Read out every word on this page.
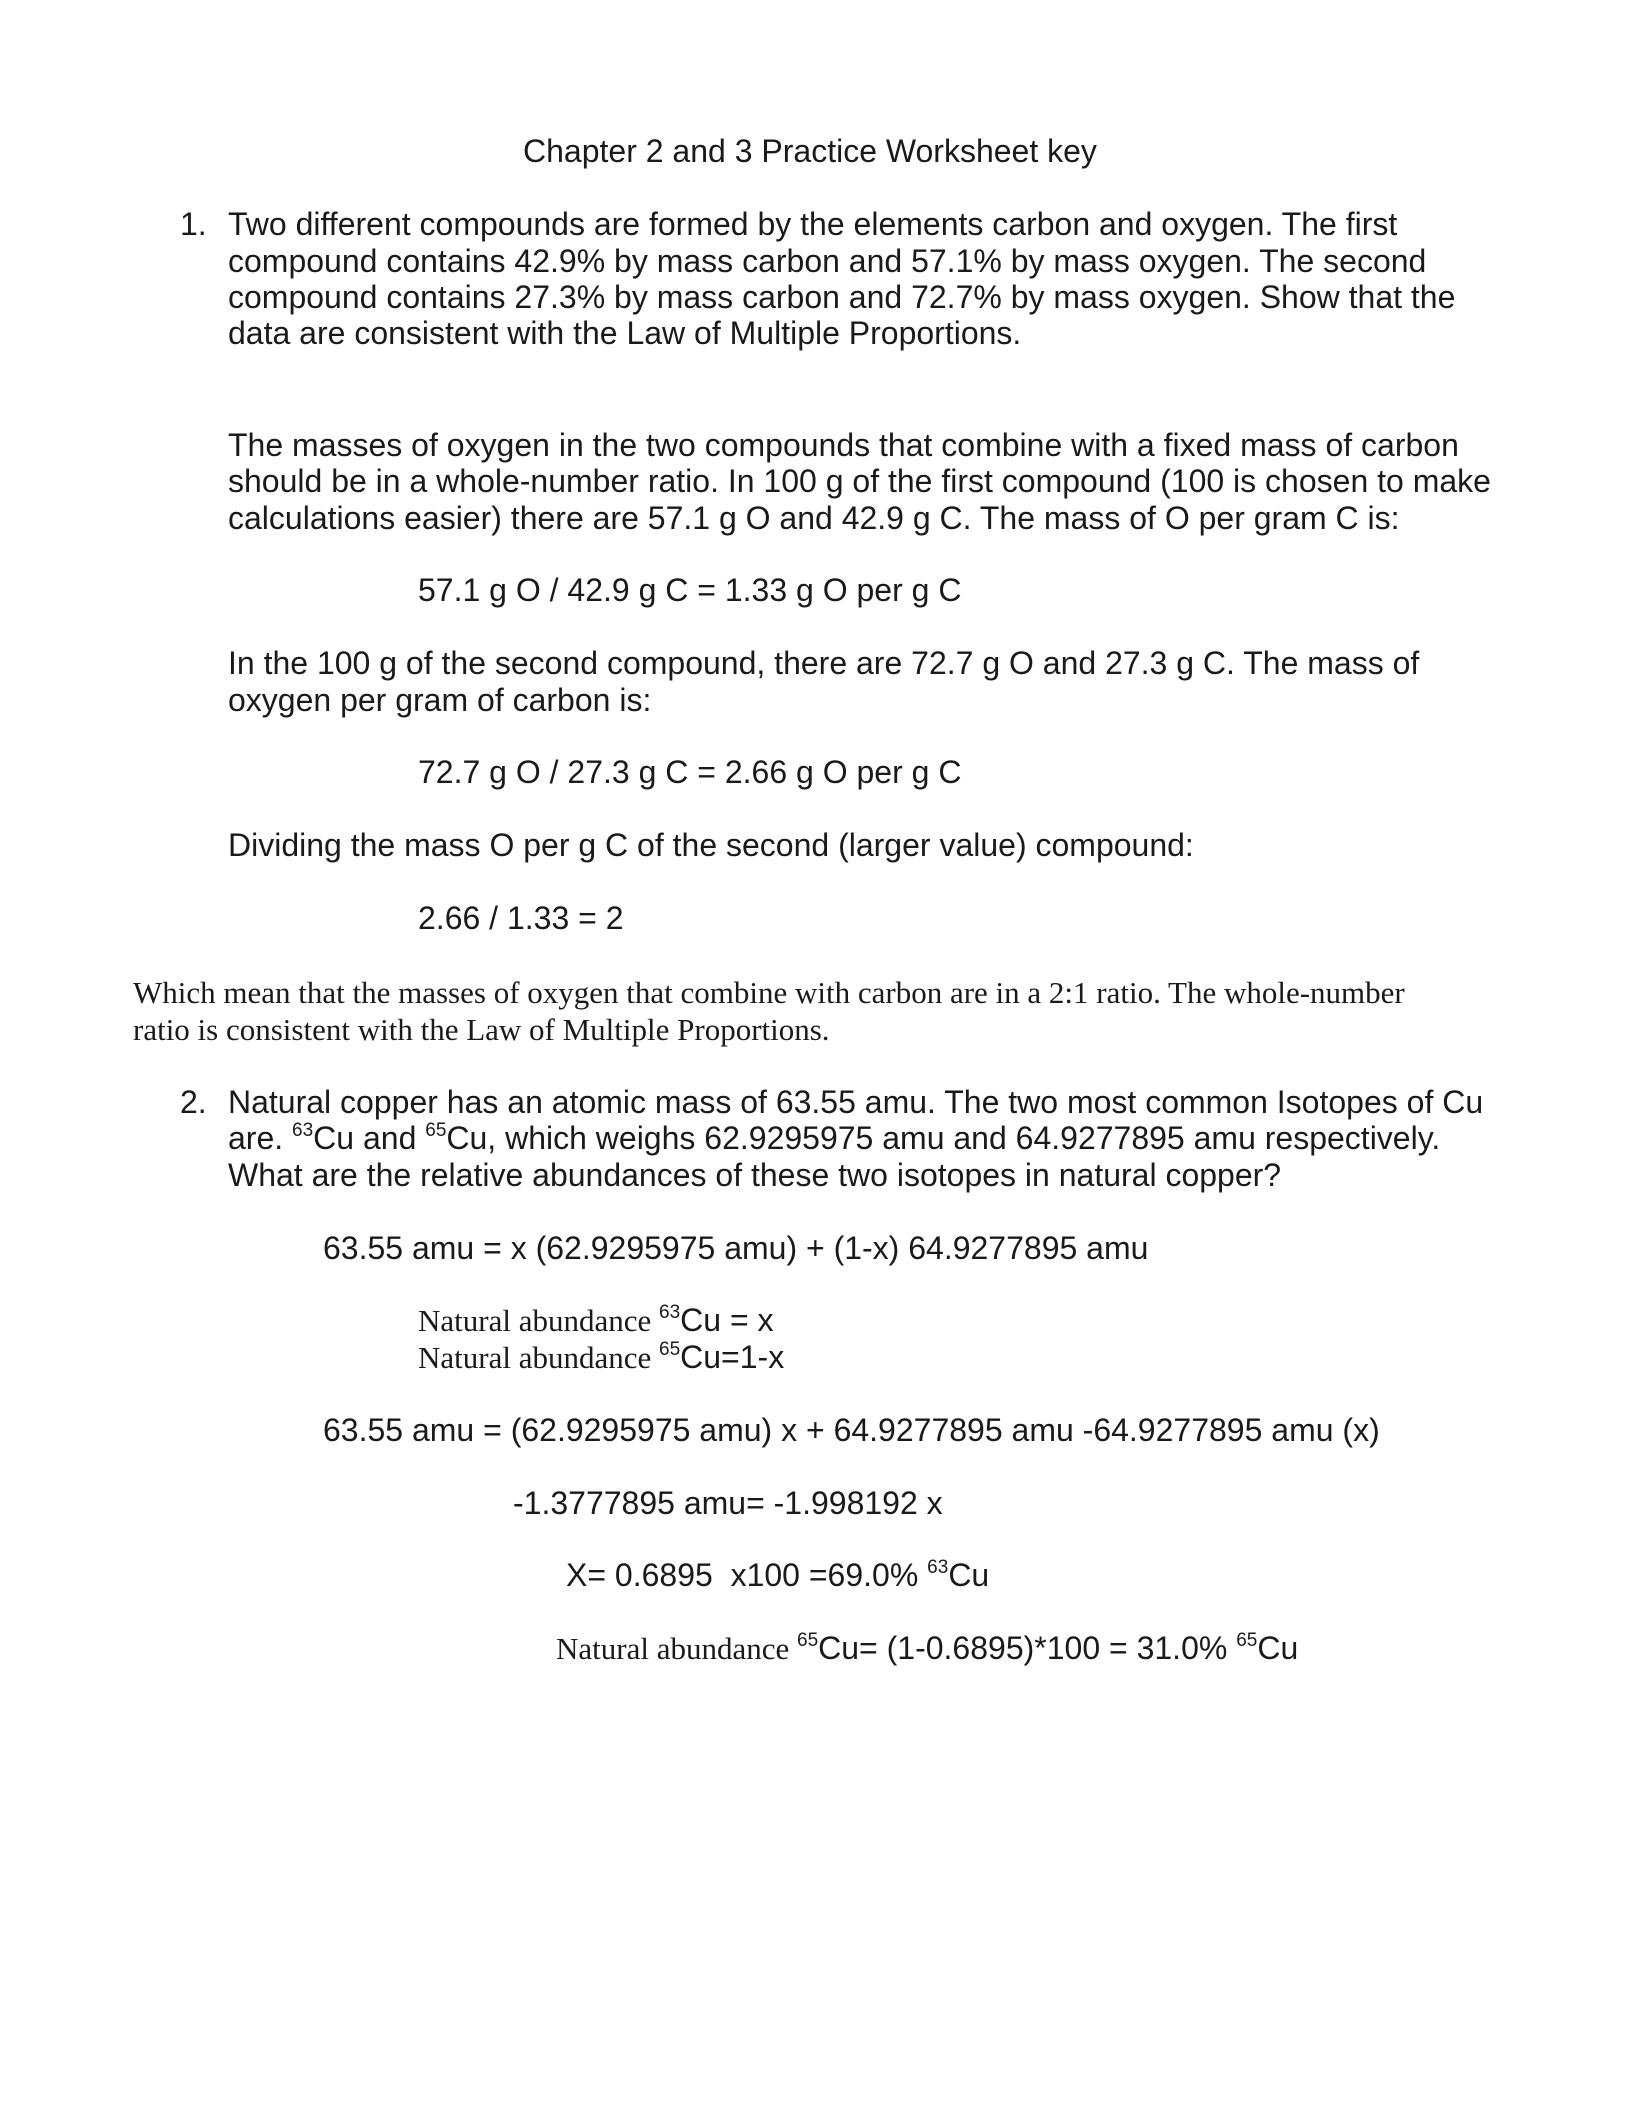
Chapter 2 and 3 Practice Worksheet key
1. Two different compounds are formed by the elements carbon and oxygen. The first
compound contains 42.9% by mass carbon and 57.1% by mass oxygen. The second
compound contains 27.3% by mass carbon and 72.7% by mass oxygen. Show that the
data are consistent with the Law of Multiple Proportions.
The masses of oxygen in the two compounds that combine with a fixed mass of carbon
should be in a whole-number ratio. In 100 g of the first compound (100 is chosen to make
calculations easier) there are 57.1 g O and 42.9 g C. The mass of O per gram C is:
57.1 g O / 42.9 g C = 1.33 g O per g C
In the 100 g of the second compound, there are 72.7 g O and 27.3 g C. The mass of
oxygen per gram of carbon is:
72.7 g O / 27.3 g C = 2.66 g O per g C
Dividing the mass O per g C of the second (larger value) compound:
2.66 / 1.33 = 2
Which mean that the masses of oxygen that combine with carbon are in a 2:1 ratio. The whole-number
ratio is consistent with the Law of Multiple Proportions.
2. Natural copper has an atomic mass of 63.55 amu. The two most common Isotopes of Cu
are. $^{63}$Cu and $^{65}$Cu, which weighs 62.9295975 amu and 64.9277895 amu respectively.
What are the relative abundances of these two isotopes in natural copper?
63.55 amu = x (62.9295975 amu) + (1-x) 64.9277895 amu
Natural abundance $^{63}$Cu = x
Natural abundance $^{65}$Cu=1-x
63.55 amu = (62.9295975 amu) x + 64.9277895 amu -64.9277895 amu (x)
-1.3777895 amu= -1.998192 x
X= 0.6895  x100 =69.0% $^{63}$Cu
Natural abundance $^{65}$Cu= (1-0.6895)*100 = 31.0% $^{65}$Cu
